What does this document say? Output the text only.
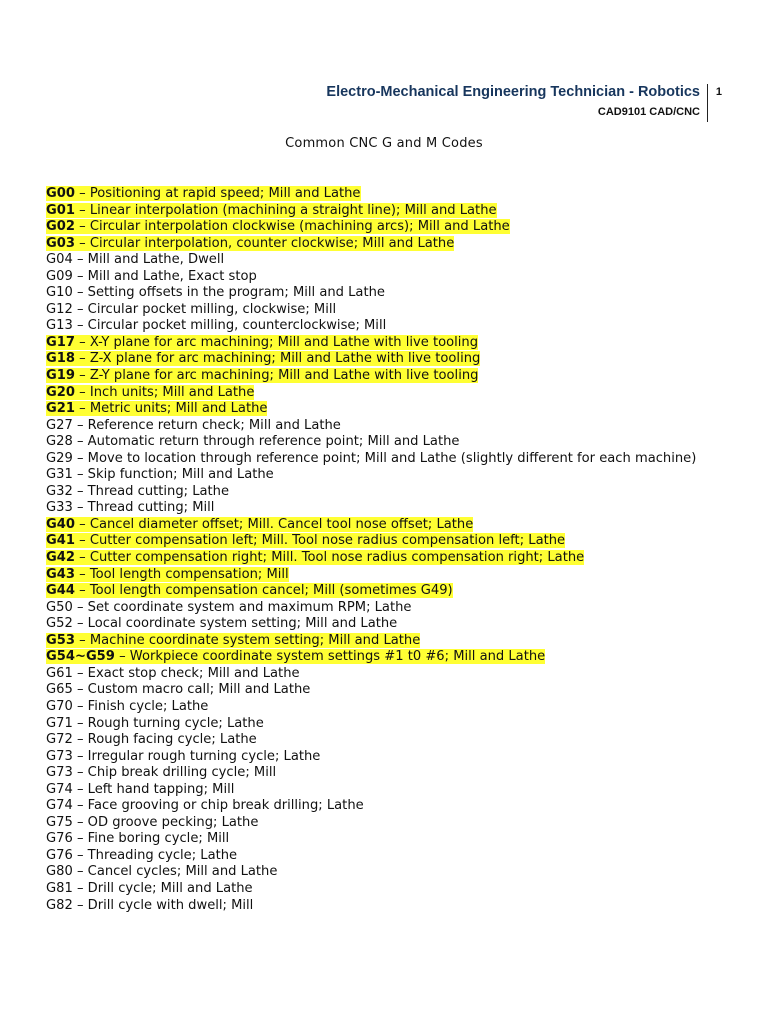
Electro-Mechanical Engineering Technician - Robotics
CAD9101 CAD/CNC
1
Common CNC G and M Codes
G00 – Positioning at rapid speed; Mill and Lathe
G01 – Linear interpolation (machining a straight line); Mill and Lathe
G02 – Circular interpolation clockwise (machining arcs); Mill and Lathe
G03 – Circular interpolation, counter clockwise; Mill and Lathe
G04 – Mill and Lathe, Dwell
G09 – Mill and Lathe, Exact stop
G10 – Setting offsets in the program; Mill and Lathe
G12 – Circular pocket milling, clockwise; Mill
G13 – Circular pocket milling, counterclockwise; Mill
G17 – X-Y plane for arc machining; Mill and Lathe with live tooling
G18 – Z-X plane for arc machining; Mill and Lathe with live tooling
G19 – Z-Y plane for arc machining; Mill and Lathe with live tooling
G20 – Inch units; Mill and Lathe
G21 – Metric units; Mill and Lathe
G27 – Reference return check; Mill and Lathe
G28 – Automatic return through reference point; Mill and Lathe
G29 – Move to location through reference point; Mill and Lathe (slightly different for each machine)
G31 – Skip function; Mill and Lathe
G32 – Thread cutting; Lathe
G33 – Thread cutting; Mill
G40 – Cancel diameter offset; Mill. Cancel tool nose offset; Lathe
G41 – Cutter compensation left; Mill. Tool nose radius compensation left; Lathe
G42 – Cutter compensation right; Mill. Tool nose radius compensation right; Lathe
G43 – Tool length compensation; Mill
G44 – Tool length compensation cancel; Mill (sometimes G49)
G50 – Set coordinate system and maximum RPM; Lathe
G52 – Local coordinate system setting; Mill and Lathe
G53 – Machine coordinate system setting; Mill and Lathe
G54~G59 – Workpiece coordinate system settings #1 t0 #6; Mill and Lathe
G61 – Exact stop check; Mill and Lathe
G65 – Custom macro call; Mill and Lathe
G70 – Finish cycle; Lathe
G71 – Rough turning cycle; Lathe
G72 – Rough facing cycle; Lathe
G73 – Irregular rough turning cycle; Lathe
G73 – Chip break drilling cycle; Mill
G74 – Left hand tapping; Mill
G74 – Face grooving or chip break drilling; Lathe
G75 – OD groove pecking; Lathe
G76 – Fine boring cycle; Mill
G76 – Threading cycle; Lathe
G80 – Cancel cycles; Mill and Lathe
G81 – Drill cycle; Mill and Lathe
G82 – Drill cycle with dwell; Mill
